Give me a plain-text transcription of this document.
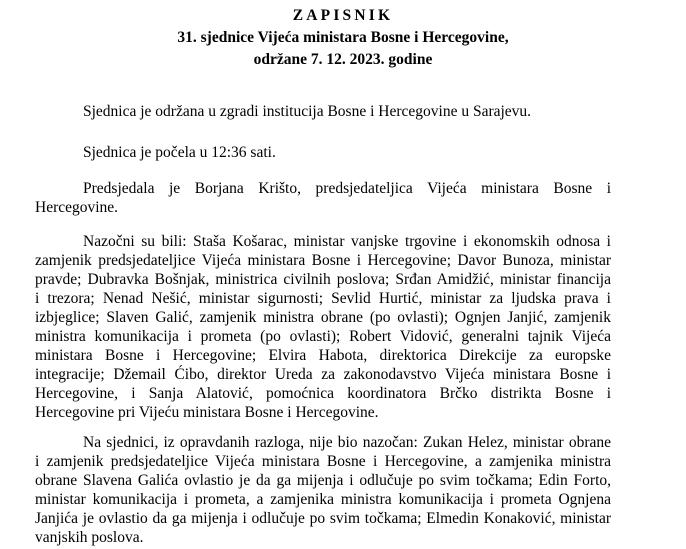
ZAPISNIK
31. sjednice Vijeća ministara Bosne i Hercegovine,
održane 7. 12. 2023. godine

Sjednica je održana u zgradi institucija Bosne i Hercegovine u Sarajevu.

Sjednica je počela u 12:36 sati.

Predsjedala je Borjana Krišto, predsjedateljica Vijeća ministara Bosne i
Hercegovine.
Nazočni su bili: Staša Košarac, ministar vanjske trgovine i ekonomskih odnosa i
zamjenik predsjedateljice Vijeća ministara Bosne i Hercegovine; Davor Bunoza, ministar
pravde; Dubravka Bošnjak, ministrica civilnih poslova; Srđan Amidžić, ministar financija
i trezora; Nenad Nešić, ministar sigurnosti; Sevlid Hurtić, ministar za ljudska prava i
izbjeglice; Slaven Galić, zamjenik ministra obrane (po ovlasti); Ognjen Janjić, zamjenik
ministra komunikacija i prometa (po ovlasti); Robert Vidović, generalni tajnik Vijeća
ministara Bosne i Hercegovine; Elvira Habota, direktorica Direkcije za europske
integracije; Džemail Ćibo, direktor Ureda za zakonodavstvo Vijeća ministara Bosne i
Hercegovine, i Sanja Alatović, pomoćnica koordinatora Brčko distrikta Bosne i
Hercegovine pri Vijeću ministara Bosne i Hercegovine.
Na sjednici, iz opravdanih razloga, nije bio nazočan: Zukan Helez, ministar obrane
i zamjenik predsjedateljice Vijeća ministara Bosne i Hercegovine, a zamjenika ministra
obrane Slavena Galića ovlastio je da ga mijenja i odlučuje po svim točkama; Edin Forto,
ministar komunikacija i prometa, a zamjenika ministra komunikacija i prometa Ognjena
Janjića je ovlastio da ga mijenja i odlučuje po svim točkama; Elmedin Konaković, ministar
vanjskih poslova.
